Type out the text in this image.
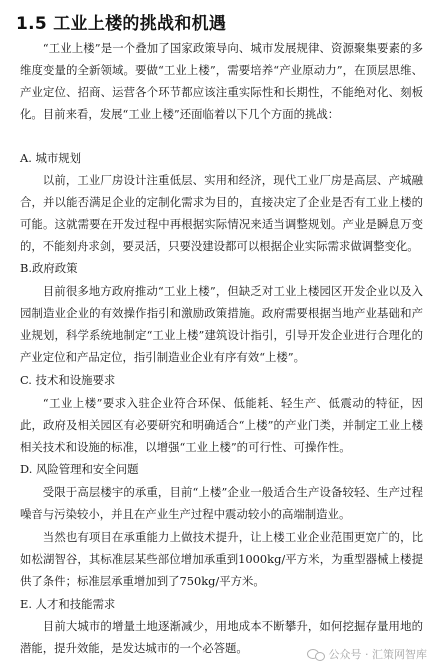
1.5 工业上楼的挑战和机遇

“工业上楼”是一个叠加了国家政策导向、城市发展规律、资源聚集要素的多维度变量的全新领域。要做“工业上楼”，需要培养“产业原动力”，在顶层思维、产业定位、招商、运营各个环节都应该注重实际性和长期性，不能绝对化、刻板化。目前来看，发展“工业上楼”还面临着以下几个方面的挑战：

A. 城市规划

以前，工业厂房设计注重低层、实用和经济，现代工业厂房是高层、产城融合，并以能否满足企业的定制化需求为目的，直接决定了企业是否有工业上楼的可能。这就需要在开发过程中再根据实际情况来适当调整规划。产业是瞬息万变的，不能刻舟求剑，要灵活，只要没建设都可以根据企业实际需求做调整变化。

B.政府政策

目前很多地方政府推动“工业上楼”，但缺乏对工业上楼园区开发企业以及入园制造业企业的有效操作指引和激励政策措施。政府需要根据当地产业基础和产业规划，科学系统地制定“工业上楼”建筑设计指引，引导开发企业进行合理化的产业定位和产品定位，指引制造业企业有序有效“上楼”。

C. 技术和设施要求

“工业上楼”要求入驻企业符合环保、低能耗、轻生产、低震动的特征，因此，政府及相关园区有必要研究和明确适合“上楼”的产业门类，并制定工业上楼相关技术和设施的标准，以增强“工业上楼”的可行性、可操作性。

D. 风险管理和安全问题

受限于高层楼宇的承重，目前“上楼”企业一般适合生产设备较轻、生产过程噪音与污染较小，并且在产业生产过程中震动较小的高端制造业。

当然也有项目在承重能力上做技术提升，让上楼工业企业范围更宽广的，比如松湖智谷，其标准层某些部位增加承重到1000kg/平方米，为重型器械上楼提供了条件；标准层承重增加到了750kg/平方米。

E. 人才和技能需求

目前大城市的增量土地逐渐减少，用地成本不断攀升，如何挖掘存量用地的潜能，提升效能，是发达城市的一个必答题。	公众号 · 汇策网智库
